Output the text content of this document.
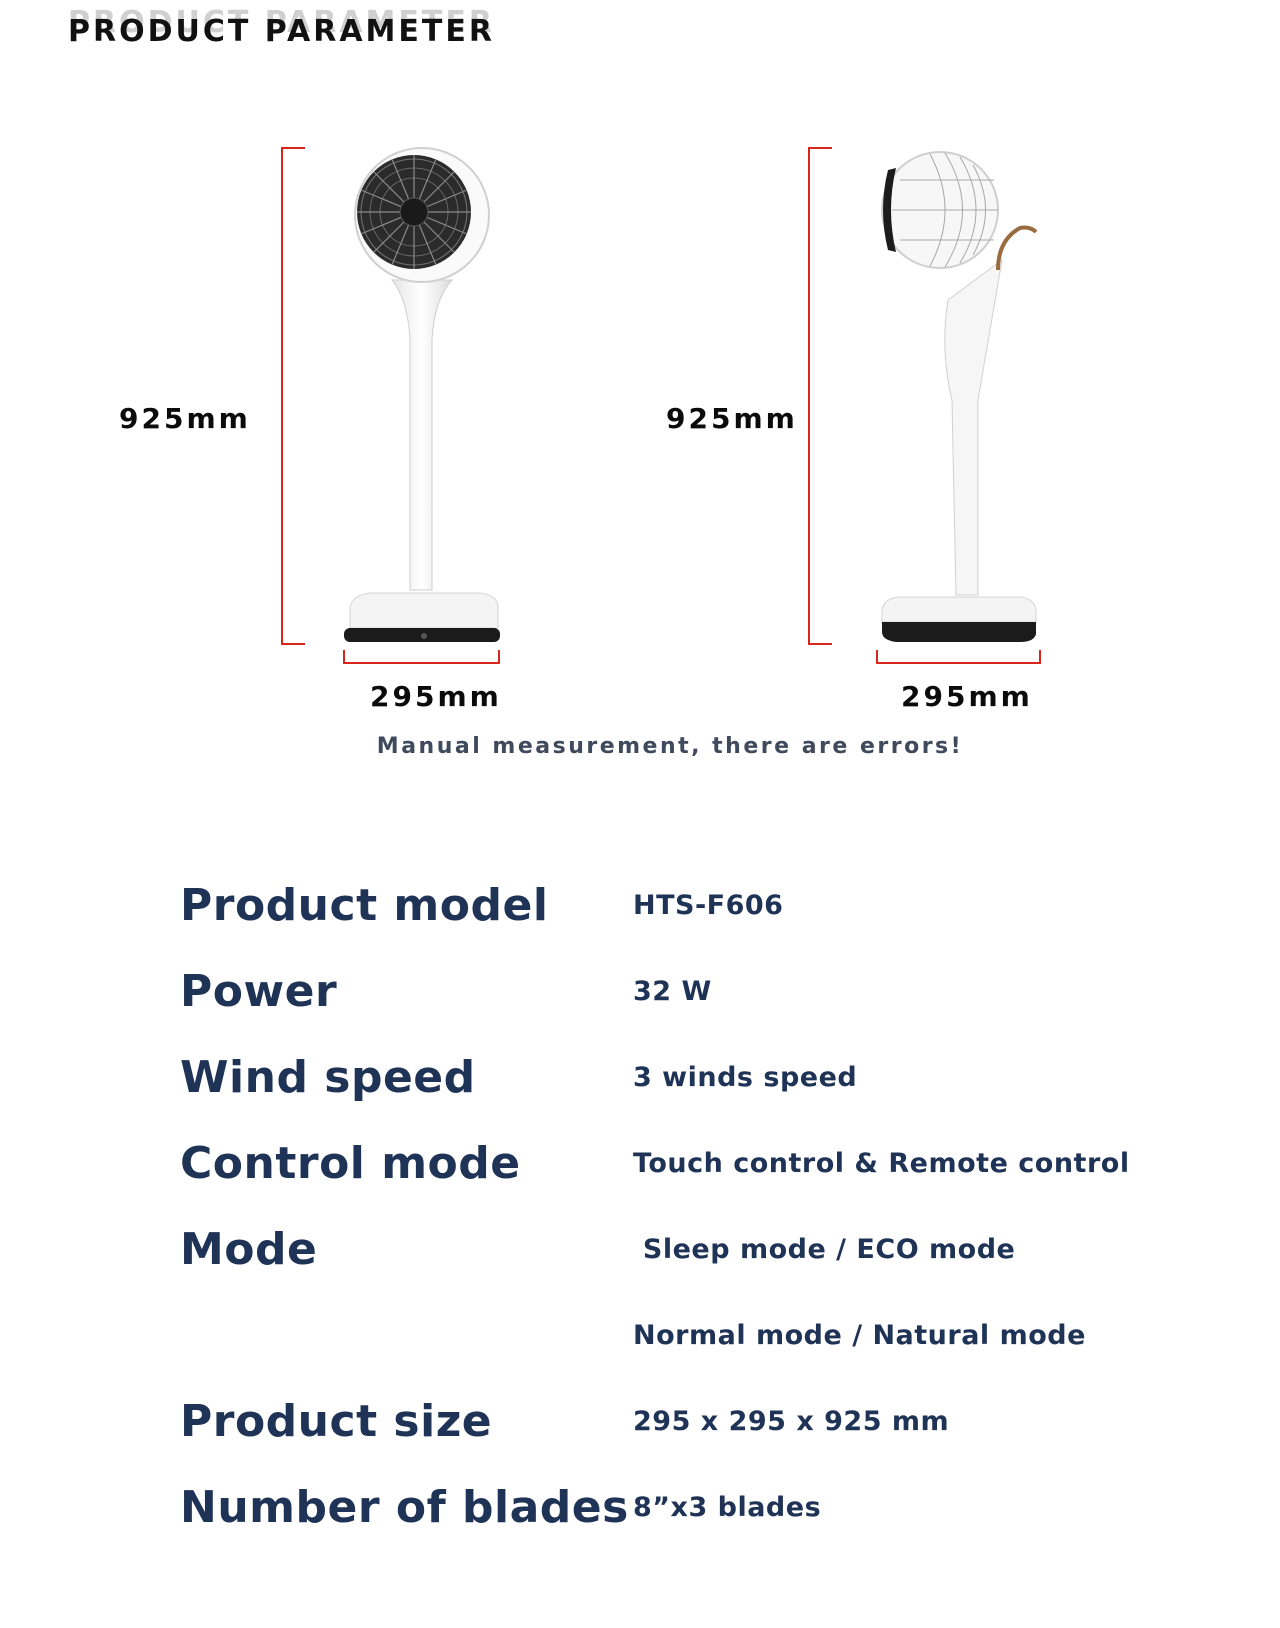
PRODUCT PARAMETER
925mm
295mm
925mm
295mm
Manual measurement, there are errors!
Product model	HTS-F606
Power	32 W
Wind speed	3 winds speed
Control mode	Touch control & Remote control
Mode	Sleep mode / ECO mode
Normal mode / Natural mode
Product size	295 x 295 x 925 mm
Number of blades 8”x3 blades
